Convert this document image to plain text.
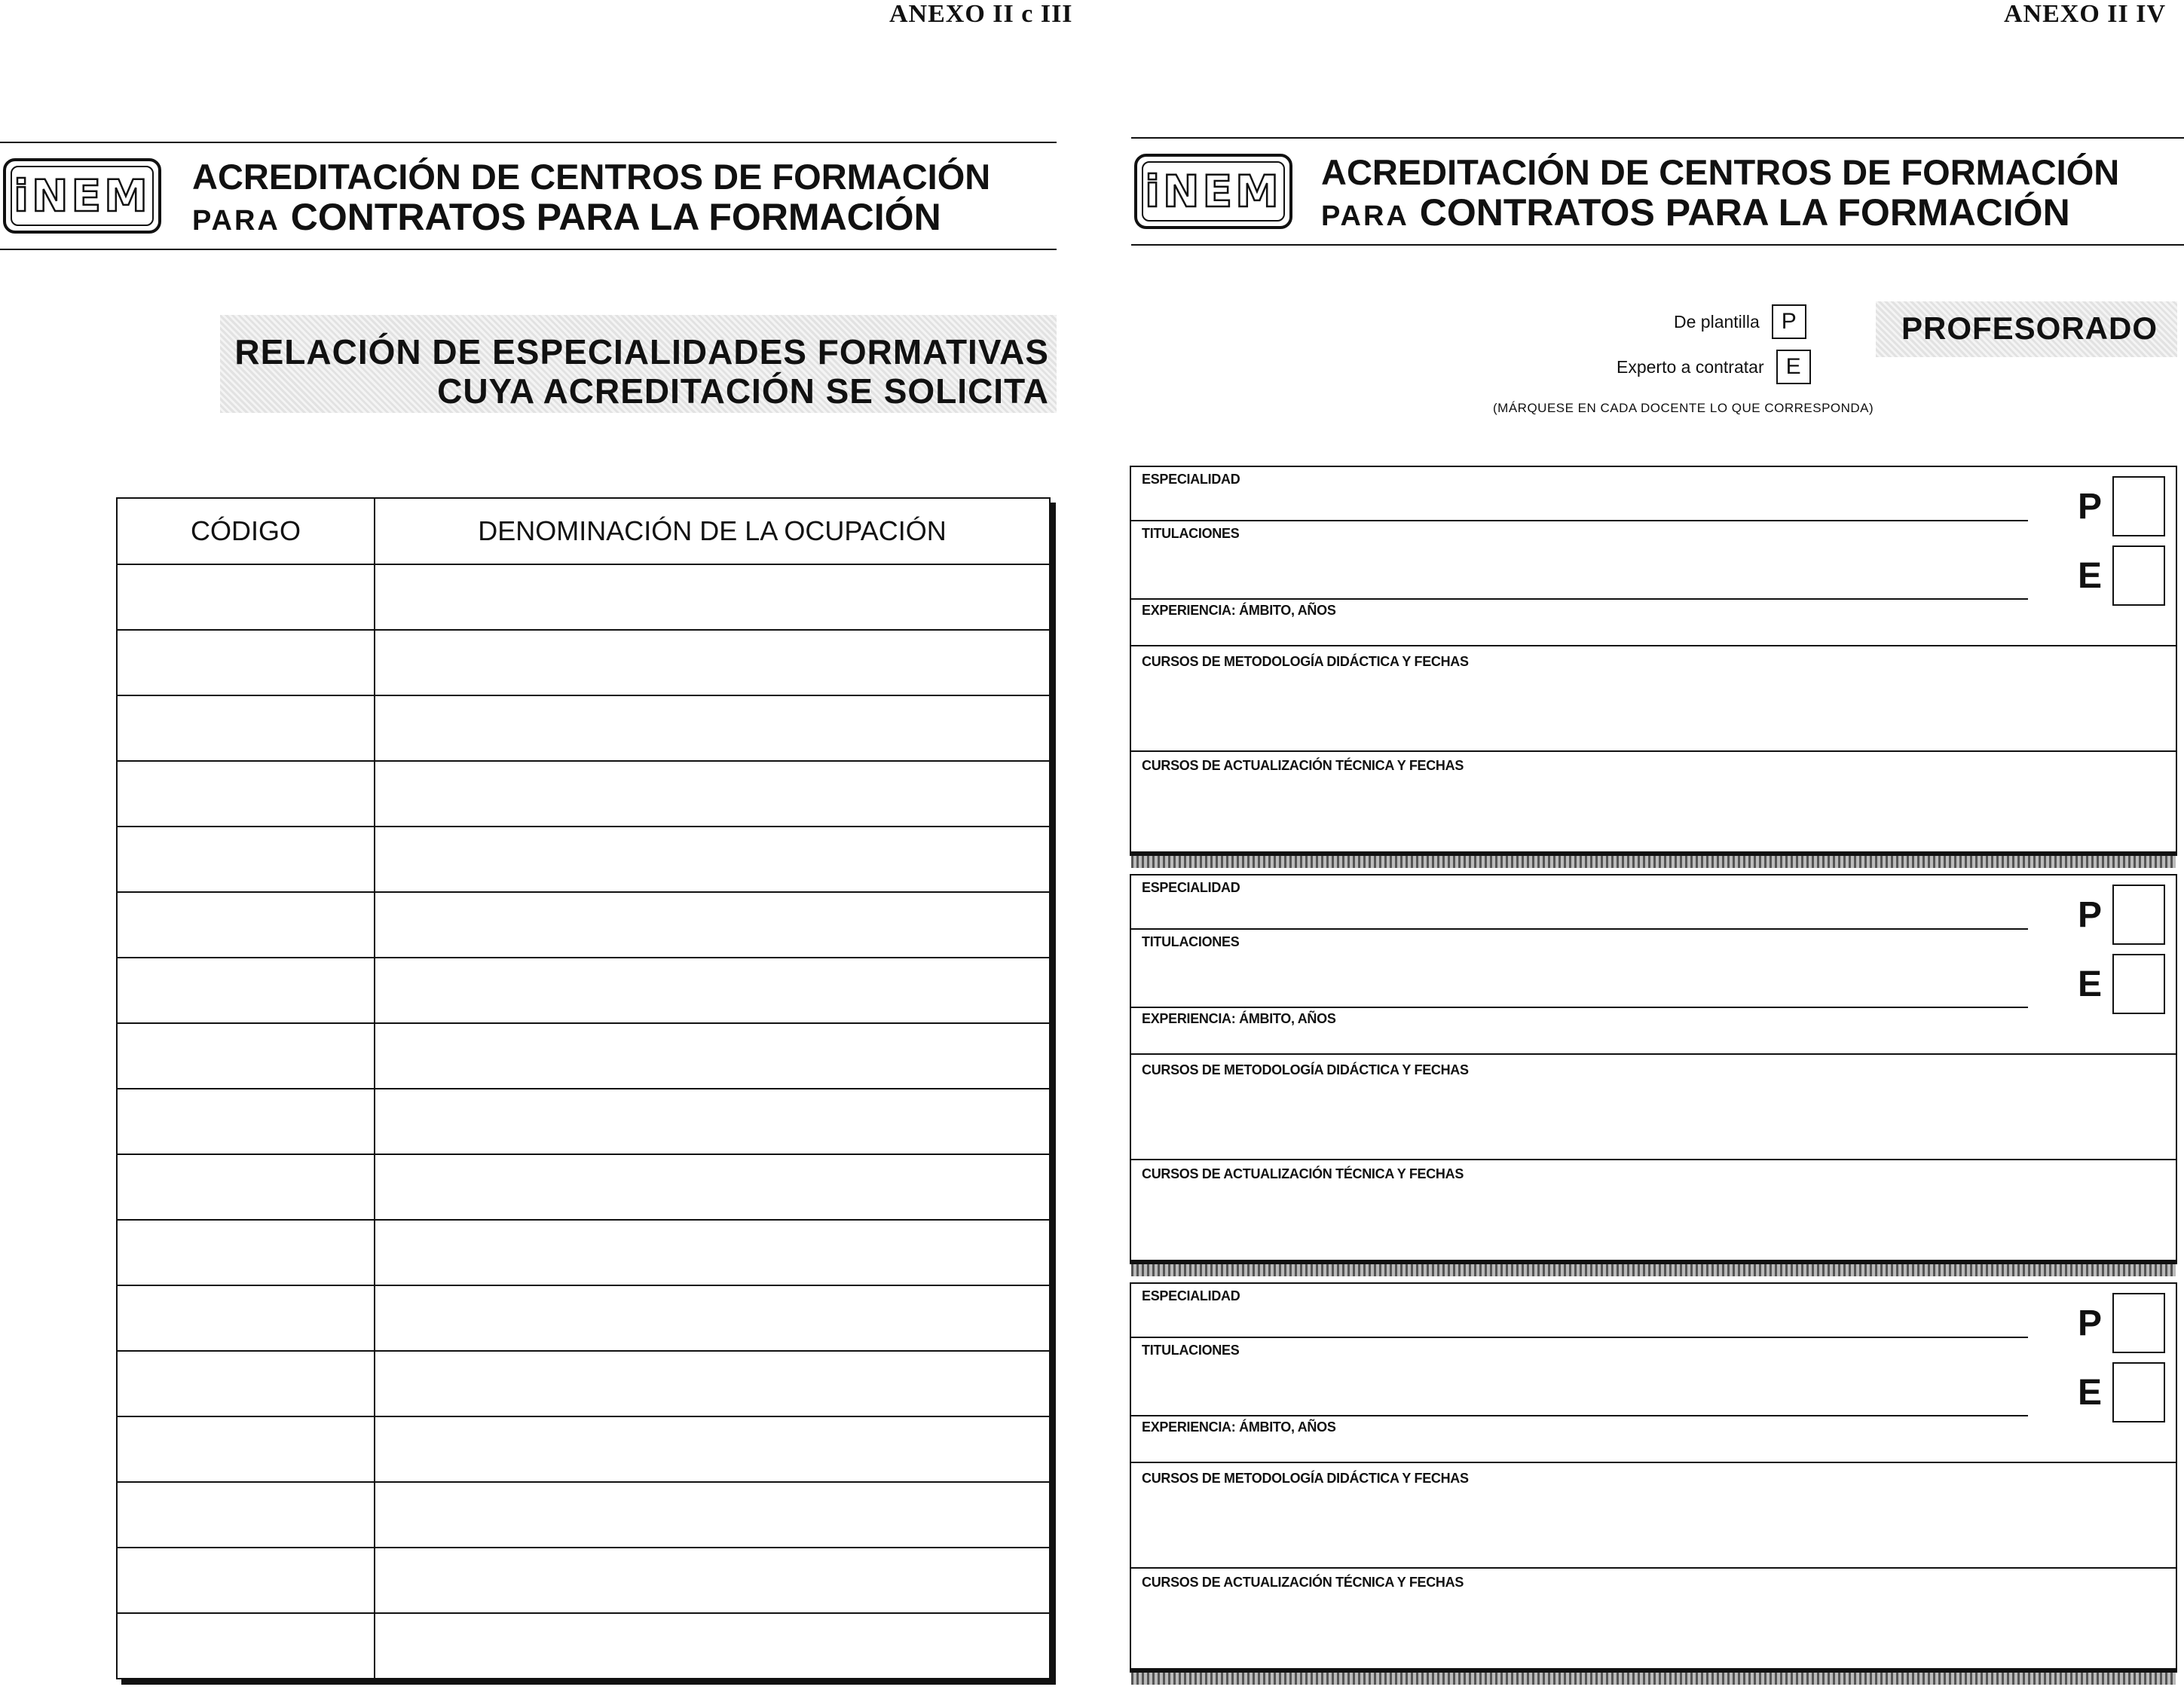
ANEXO II c III
iNEM ACREDITACIÓN DE CENTROS DE FORMACIÓN
PARA CONTRATOS PARA LA FORMACIÓN
RELACIÓN DE ESPECIALIDADES FORMATIVAS
CUYA ACREDITACIÓN SE SOLICITA
CÓDIGO	DENOMINACIÓN DE LA OCUPACIÓN

ANEXO II IV
iNEM ACREDITACIÓN DE CENTROS DE FORMACIÓN
PARA CONTRATOS PARA LA FORMACIÓN
De plantilla P
Experto a contratar E
(MÁRQUESE EN CADA DOCENTE LO QUE CORRESPONDA)
PROFESORADO
ESPECIALIDAD
TITULACIONES
EXPERIENCIA: ÁMBITO, AÑOS
CURSOS DE METODOLOGÍA DIDÁCTICA Y FECHAS
CURSOS DE ACTUALIZACIÓN TÉCNICA Y FECHAS
P
E
ESPECIALIDAD
TITULACIONES
EXPERIENCIA: ÁMBITO, AÑOS
CURSOS DE METODOLOGÍA DIDÁCTICA Y FECHAS
CURSOS DE ACTUALIZACIÓN TÉCNICA Y FECHAS
P
E
ESPECIALIDAD
TITULACIONES
EXPERIENCIA: ÁMBITO, AÑOS
CURSOS DE METODOLOGÍA DIDÁCTICA Y FECHAS
CURSOS DE ACTUALIZACIÓN TÉCNICA Y FECHAS
P
E
